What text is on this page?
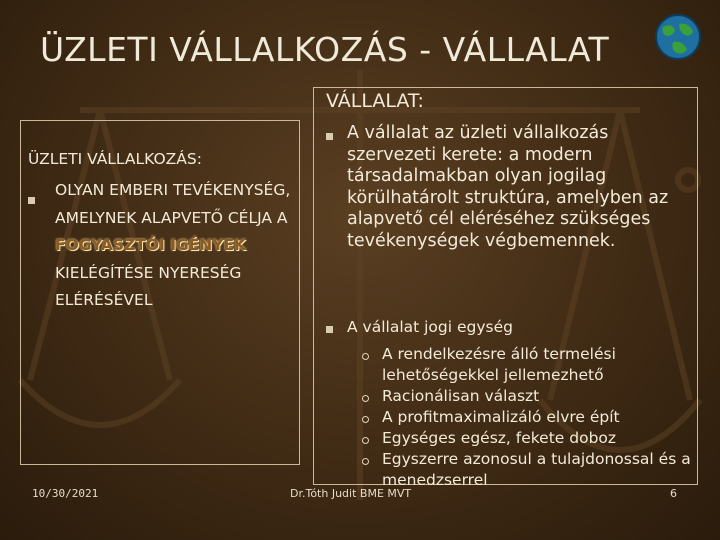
ÜZLETI VÁLLALKOZÁS - VÁLLALAT

ÜZLETI VÁLLALKOZÁS:

OLYAN EMBERI TEVÉKENYSÉG, AMELYNEK ALAPVETŐ CÉLJA A FOGYASZTÓI IGÉNYEK KIELÉGÍTÉSE NYERESÉG ELÉRÉSÉVEL

VÁLLALAT:

A vállalat az üzleti vállalkozás szervezeti kerete: a modern társadalmakban olyan jogilag körülhatárolt struktúra, amelyben az alapvető cél eléréséhez szükséges tevékenységek végbemennek.
A vállalat jogi egység
A rendelkezésre álló termelési lehetőségekkel jellemezhető
Racionálisan választ
A profitmaximalizáló elvre épít
Egységes egész, fekete doboz
Egyszerre azonosul a tulajdonossal és a menedzserrel
10/30/2021	Dr.Tóth Judit BME MVT	6
